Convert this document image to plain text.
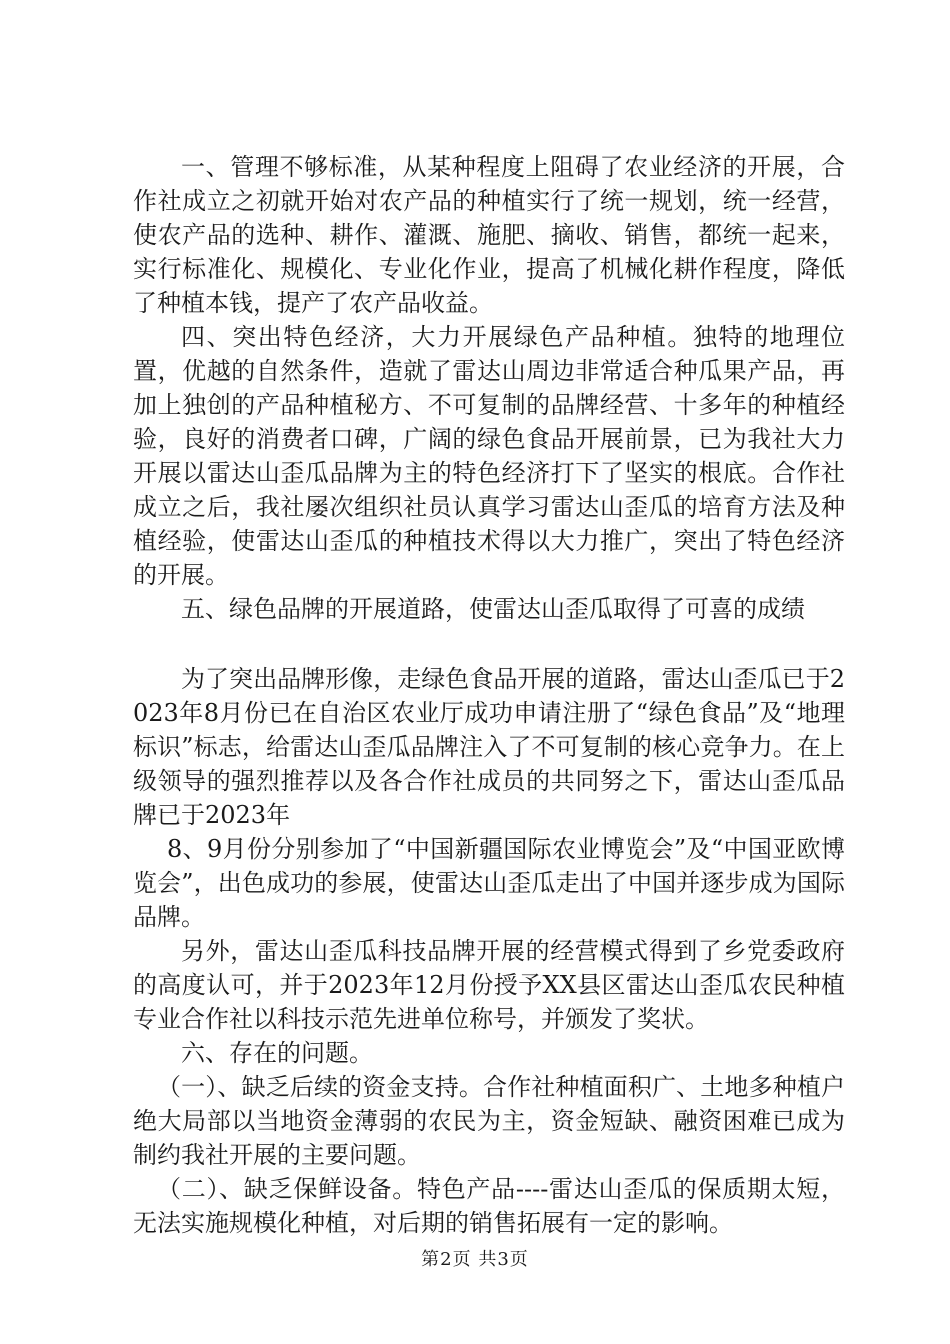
一、管理不够标准，从某种程度上阻碍了农业经济的开展，合作社成立之初就开始对农产品的种植实行了统一规划，统一经营，使农产品的选种、耕作、灌溉、施肥、摘收、销售，都统一起来，实行标准化、规模化、专业化作业，提高了机械化耕作程度，降低了种植本钱，提产了农产品收益。

四、突出特色经济，大力开展绿色产品种植。独特的地理位置，优越的自然条件，造就了雷达山周边非常适合种瓜果产品，再加上独创的产品种植秘方、不可复制的品牌经营、十多年的种植经验，良好的消费者口碑，广阔的绿色食品开展前景，已为我社大力开展以雷达山歪瓜品牌为主的特色经济打下了坚实的根底。合作社成立之后，我社屡次组织社员认真学习雷达山歪瓜的培育方法及种植经验，使雷达山歪瓜的种植技术得以大力推广，突出了特色经济的开展。

五、绿色品牌的开展道路，使雷达山歪瓜取得了可喜的成绩

为了突出品牌形像，走绿色食品开展的道路，雷达山歪瓜已于2023年8月份已在自治区农业厅成功申请注册了“绿色食品”及“地理标识”标志，给雷达山歪瓜品牌注入了不可复制的核心竞争力。在上级领导的强烈推荐以及各合作社成员的共同努之下，雷达山歪瓜品牌已于2023年

8、9月份分别参加了“中国新疆国际农业博览会”及“中国亚欧博览会”，出色成功的参展，使雷达山歪瓜走出了中国并逐步成为国际品牌。

另外，雷达山歪瓜科技品牌开展的经营模式得到了乡党委政府的高度认可，并于2023年12月份授予XX县区雷达山歪瓜农民种植专业合作社以科技示范先进单位称号，并颁发了奖状。

六、存在的问题。

（一）、缺乏后续的资金支持。合作社种植面积广、土地多种植户绝大局部以当地资金薄弱的农民为主，资金短缺、融资困难已成为制约我社开展的主要问题。

（二）、缺乏保鲜设备。特色产品----雷达山歪瓜的保质期太短，无法实施规模化种植，对后期的销售拓展有一定的影响。

第2页 共3页
